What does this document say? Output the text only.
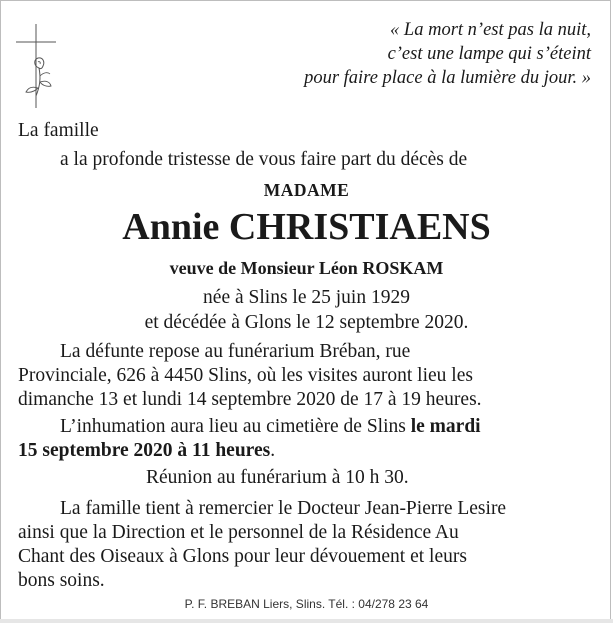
« La mort n’est pas la nuit,
c’est une lampe qui s’éteint
pour faire place à la lumière du jour. »
La famille
a la profonde tristesse de vous faire part du décès de
MADAME
Annie CHRISTIAENS
veuve de Monsieur Léon ROSKAM
née à Slins le 25 juin 1929
et décédée à Glons le 12 septembre 2020.
La défunte repose au funérarium Bréban, rue
Provinciale, 626 à 4450 Slins, où les visites auront lieu les
dimanche 13 et lundi 14 septembre 2020 de 17 à 19 heures.
L’inhumation aura lieu au cimetière de Slins le mardi
15 septembre 2020 à 11 heures.
Réunion au funérarium à 10 h 30.
La famille tient à remercier le Docteur Jean-Pierre Lesire
ainsi que la Direction et le personnel de la Résidence Au
Chant des Oiseaux à Glons pour leur dévouement et leurs
bons soins.
P. F. BREBAN Liers, Slins. Tél. : 04/278 23 64
